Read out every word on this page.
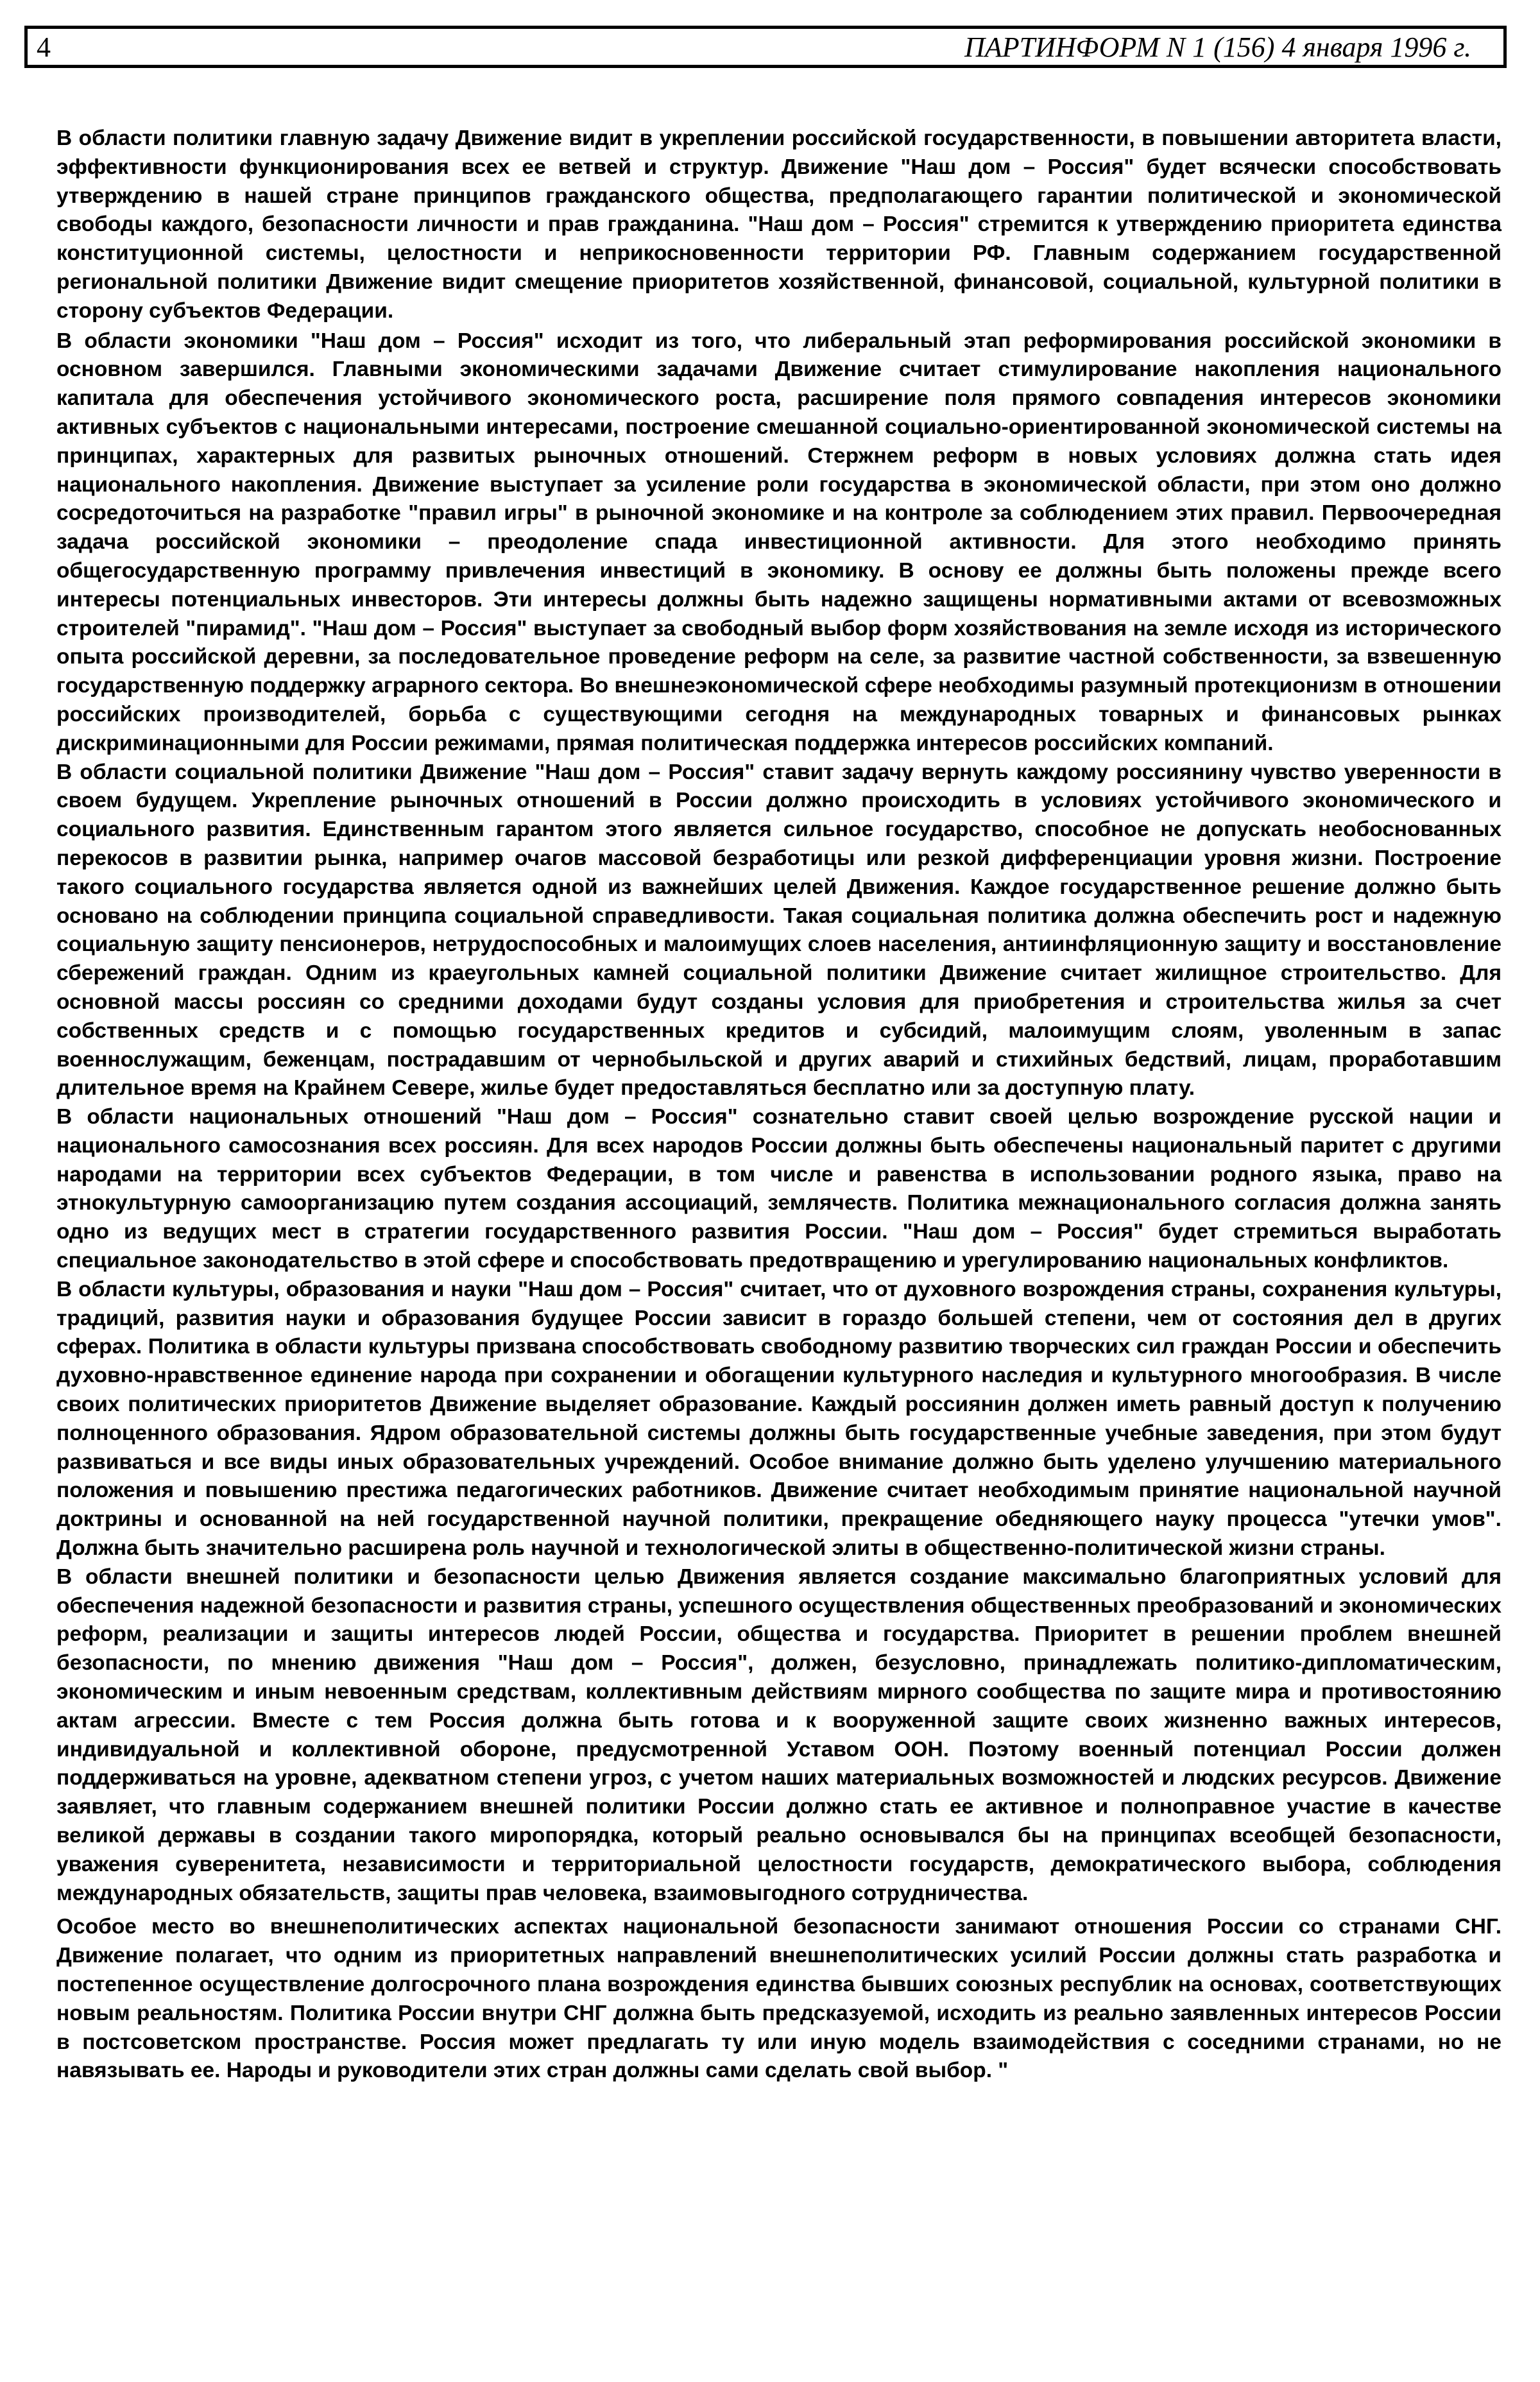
4	ПАРТИНФОРМ N 1 (156) 4 января 1996 г.

В области политики главную задачу Движение видит в укреплении российской государственности, в повышении авторитета власти, эффективности функционирования всех ее ветвей и структур. Движение "Наш дом – Россия" будет всячески способствовать утверждению в нашей стране принципов гражданского общества, предполагающего гарантии политической и экономической свободы каждого, безопасности личности и прав гражданина. "Наш дом – Россия" стремится к утверждению приоритета единства конституционной системы, целостности и неприкосновенности территории РФ. Главным содержанием государственной региональной политики Движение видит смещение приоритетов хозяйственной, финансовой, социальной, культурной политики в сторону субъектов Федерации.

В области экономики "Наш дом – Россия" исходит из того, что либеральный этап реформирования российской экономики в основном завершился. Главными экономическими задачами Движение считает стимулирование накопления национального капитала для обеспечения устойчивого экономического роста, расширение поля прямого совпадения интересов экономики активных субъектов с национальными интересами, построение смешанной социально-ориентированной экономической системы на принципах, характерных для развитых рыночных отношений. Стержнем реформ в новых условиях должна стать идея национального накопления. Движение выступает за усиление роли государства в экономической области, при этом оно должно сосредоточиться на разработке "правил игры" в рыночной экономике и на контроле за соблюдением этих правил. Первоочередная задача российской экономики – преодоление спада инвестиционной активности. Для этого необходимо принять общегосударственную программу привлечения инвестиций в экономику. В основу ее должны быть положены прежде всего интересы потенциальных инвесторов. Эти интересы должны быть надежно защищены нормативными актами от всевозможных строителей "пирамид". "Наш дом – Россия" выступает за свободный выбор форм хозяйствования на земле исходя из исторического опыта российской деревни, за последовательное проведение реформ на селе, за развитие частной собственности, за взвешенную государственную поддержку аграрного сектора. Во внешнеэкономической сфере необходимы разумный протекционизм в отношении российских производителей, борьба с существующими сегодня на международных товарных и финансовых рынках дискриминационными для России режимами, прямая политическая поддержка интересов российских компаний.

В области социальной политики Движение "Наш дом – Россия" ставит задачу вернуть каждому россиянину чувство уверенности в своем будущем. Укрепление рыночных отношений в России должно происходить в условиях устойчивого экономического и социального развития. Единственным гарантом этого является сильное государство, способное не допускать необоснованных перекосов в развитии рынка, например очагов массовой безработицы или резкой дифференциации уровня жизни. Построение такого социального государства является одной из важнейших целей Движения. Каждое государственное решение должно быть основано на соблюдении принципа социальной справедливости. Такая социальная политика должна обеспечить рост и надежную социальную защиту пенсионеров, нетрудоспособных и малоимущих слоев населения, антиинфляционную защиту и восстановление сбережений граждан. Одним из краеугольных камней социальной политики Движение считает жилищное строительство. Для основной массы россиян со средними доходами будут созданы условия для приобретения и строительства жилья за счет собственных средств и с помощью государственных кредитов и субсидий, малоимущим слоям, уволенным в запас военнослужащим, беженцам, пострадавшим от чернобыльской и других аварий и стихийных бедствий, лицам, проработавшим длительное время на Крайнем Севере, жилье будет предоставляться бесплатно или за доступную плату.

В области национальных отношений "Наш дом – Россия" сознательно ставит своей целью возрождение русской нации и национального самосознания всех россиян. Для всех народов России должны быть обеспечены национальный паритет с другими народами на территории всех субъектов Федерации, в том числе и равенства в использовании родного языка, право на этнокультурную самоорганизацию путем создания ассоциаций, землячеств. Политика межнационального согласия должна занять одно из ведущих мест в стратегии государственного развития России. "Наш дом – Россия" будет стремиться выработать специальное законодательство в этой сфере и способствовать предотвращению и урегулированию национальных конфликтов.

В области культуры, образования и науки "Наш дом – Россия" считает, что от духовного возрождения страны, сохранения культуры, традиций, развития науки и образования будущее России зависит в гораздо большей степени, чем от состояния дел в других сферах. Политика в области культуры призвана способствовать свободному развитию творческих сил граждан России и обеспечить духовно-нравственное единение народа при сохранении и обогащении культурного наследия и культурного многообразия. В числе своих политических приоритетов Движение выделяет образование. Каждый россиянин должен иметь равный доступ к получению полноценного образования. Ядром образовательной системы должны быть государственные учебные заведения, при этом будут развиваться и все виды иных образовательных учреждений. Особое внимание должно быть уделено улучшению материального положения и повышению престижа педагогических работников. Движение считает необходимым принятие национальной научной доктрины и основанной на ней государственной научной политики, прекращение обедняющего науку процесса "утечки умов". Должна быть значительно расширена роль научной и технологической элиты в общественно-политической жизни страны.

В области внешней политики и безопасности целью Движения является создание максимально благоприятных условий для обеспечения надежной безопасности и развития страны, успешного осуществления общественных преобразований и экономических реформ, реализации и защиты интересов людей России, общества и государства. Приоритет в решении проблем внешней безопасности, по мнению движения "Наш дом – Россия", должен, безусловно, принадлежать политико-дипломатическим, экономическим и иным невоенным средствам, коллективным действиям мирного сообщества по защите мира и противостоянию актам агрессии. Вместе с тем Россия должна быть готова и к вооруженной защите своих жизненно важных интересов, индивидуальной и коллективной обороне, предусмотренной Уставом ООН. Поэтому военный потенциал России должен поддерживаться на уровне, адекватном степени угроз, с учетом наших материальных возможностей и людских ресурсов. Движение заявляет, что главным содержанием внешней политики России должно стать ее активное и полноправное участие в качестве великой державы в создании такого миропорядка, который реально основывался бы на принципах всеобщей безопасности, уважения суверенитета, независимости и территориальной целостности государств, демократического выбора, соблюдения международных обязательств, защиты прав человека, взаимовыгодного сотрудничества.

Особое место во внешнеполитических аспектах национальной безопасности занимают отношения России со странами СНГ. Движение полагает, что одним из приоритетных направлений внешнеполитических усилий России должны стать разработка и постепенное осуществление долгосрочного плана возрождения единства бывших союзных республик на основах, соответствующих новым реальностям. Политика России внутри СНГ должна быть предсказуемой, исходить из реально заявленных интересов России в постсоветском пространстве. Россия может предлагать ту или иную модель взаимодействия с соседними странами, но не навязывать ее. Народы и руководители этих стран должны сами сделать свой выбор. "
